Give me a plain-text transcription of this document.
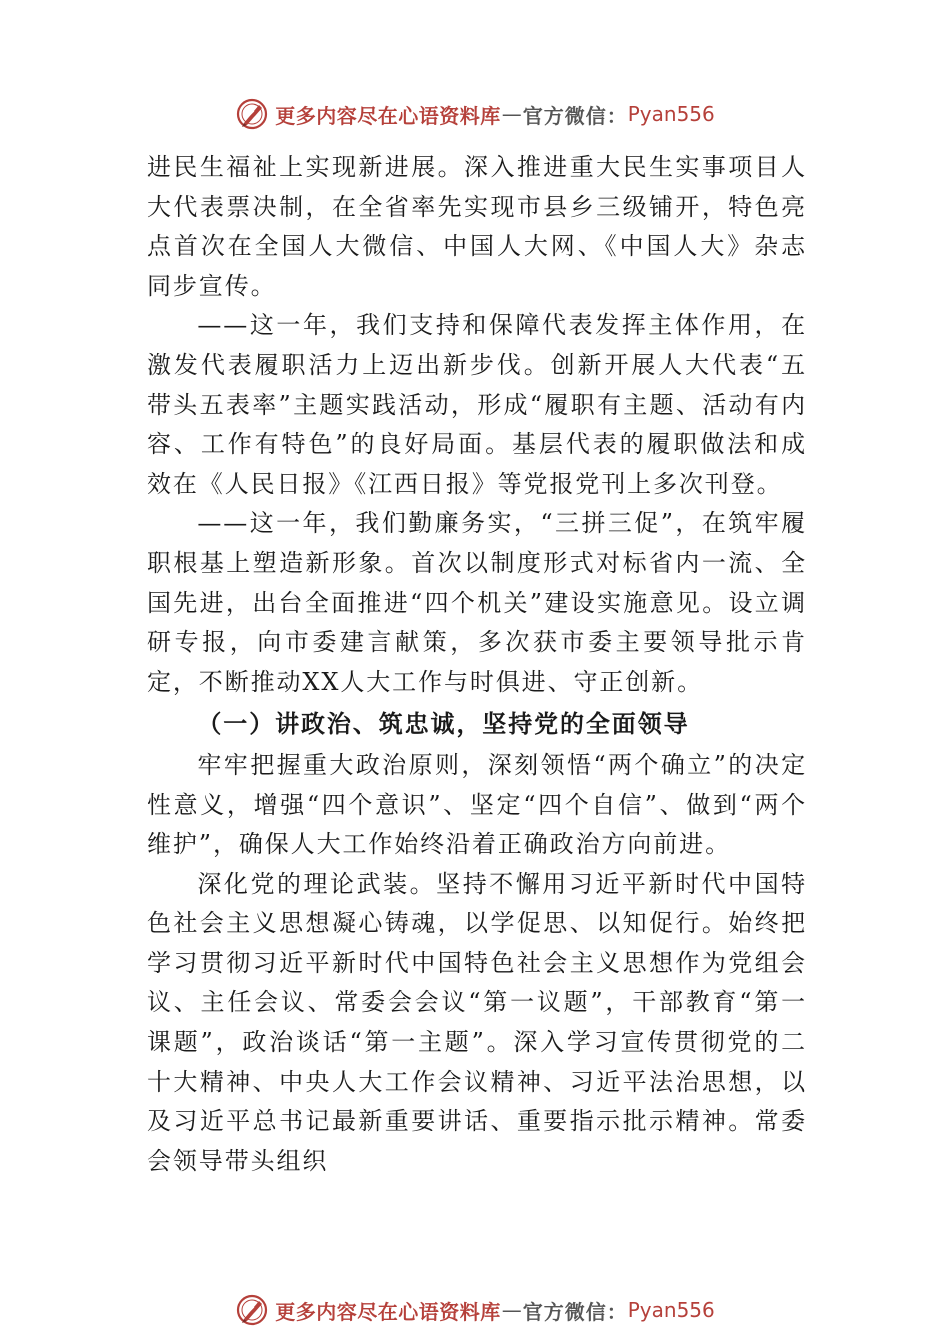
更多内容尽在心语资料库 — 官方微信： Pyan556

进民生福祉上实现新进展。深入推进重大民生实事项目人大代表票决制，在全省率先实现市县乡三级铺开，特色亮点首次在全国人大微信、中国人大网、《中国人大》杂志同步宣传。

——这一年，我们支持和保障代表发挥主体作用，在激发代表履职活力上迈出新步伐。创新开展人大代表“五带头五表率”主题实践活动，形成“履职有主题、活动有内容、工作有特色”的良好局面。基层代表的履职做法和成效在《人民日报》《江西日报》等党报党刊上多次刊登。

——这一年，我们勤廉务实，“三拼三促”，在筑牢履职根基上塑造新形象。首次以制度形式对标省内一流、全国先进，出台全面推进“四个机关”建设实施意见。设立调研专报，向市委建言献策，多次获市委主要领导批示肯定，不断推动XX人大工作与时俱进、守正创新。

（一）讲政治、筑忠诚，坚持党的全面领导

牢牢把握重大政治原则，深刻领悟“两个确立”的决定性意义，增强“四个意识”、坚定“四个自信”、做到“两个维护”，确保人大工作始终沿着正确政治方向前进。

深化党的理论武装。坚持不懈用习近平新时代中国特色社会主义思想凝心铸魂，以学促思、以知促行。始终把学习贯彻习近平新时代中国特色社会主义思想作为党组会议、主任会议、常委会会议“第一议题”，干部教育“第一课题”，政治谈话“第一主题”。深入学习宣传贯彻党的二十大精神、中央人大工作会议精神、习近平法治思想，以及习近平总书记最新重要讲话、重要指示批示精神。常委会领导带头组织

更多内容尽在心语资料库 — 官方微信： Pyan556
